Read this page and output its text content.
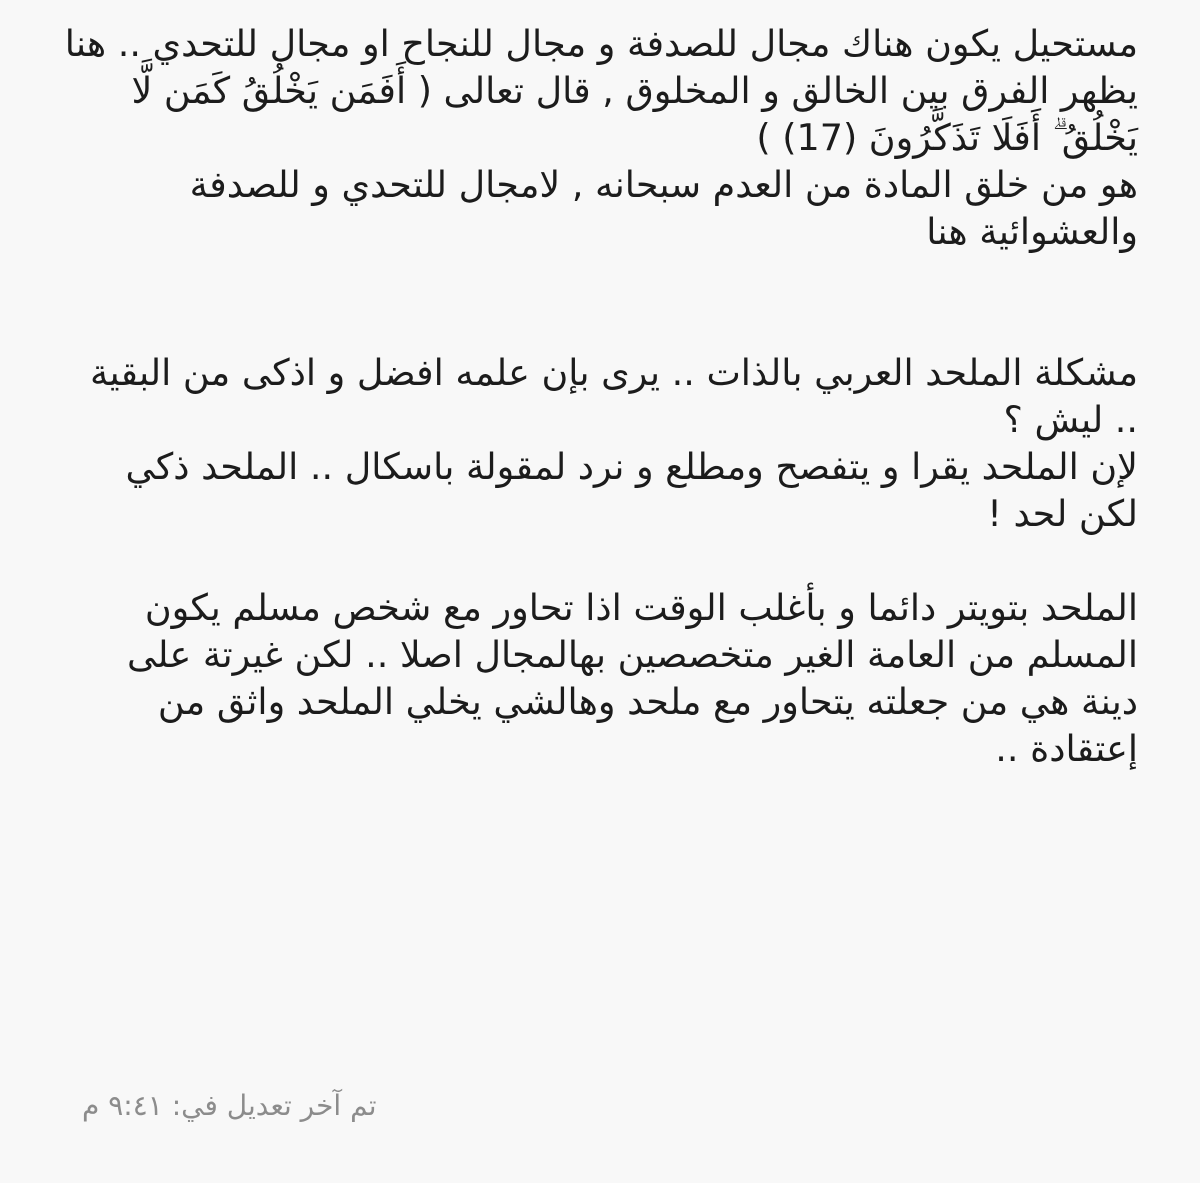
مستحيل يكون هناك مجال للصدفة و مجال للنجاح او مجال للتحدي .. هنا يظهر الفرق بين الخالق و المخلوق , قال تعالى ( أَفَمَن يَخْلُقُ كَمَن لَّا يَخْلُقُ ۗ أَفَلَا تَذَكَّرُونَ (17) )
هو من خلق المادة من العدم سبحانه , لامجال للتحدي و للصدفة والعشوائية هنا

مشكلة الملحد العربي بالذات .. يرى بإن علمه افضل و اذكى من البقية .. ليش ؟
لإن الملحد يقرا و يتفصح ومطلع و نرد لمقولة باسكال .. الملحد ذكي لكن لحد !

الملحد بتويتر دائما و بأغلب الوقت اذا تحاور مع شخص مسلم يكون المسلم من العامة الغير متخصصين بهالمجال اصلا .. لكن غيرتة على دينة هي من جعلته يتحاور مع ملحد وهالشي يخلي الملحد واثق من إعتقادة ..

تم آخر تعديل في: ٩:٤١ م
